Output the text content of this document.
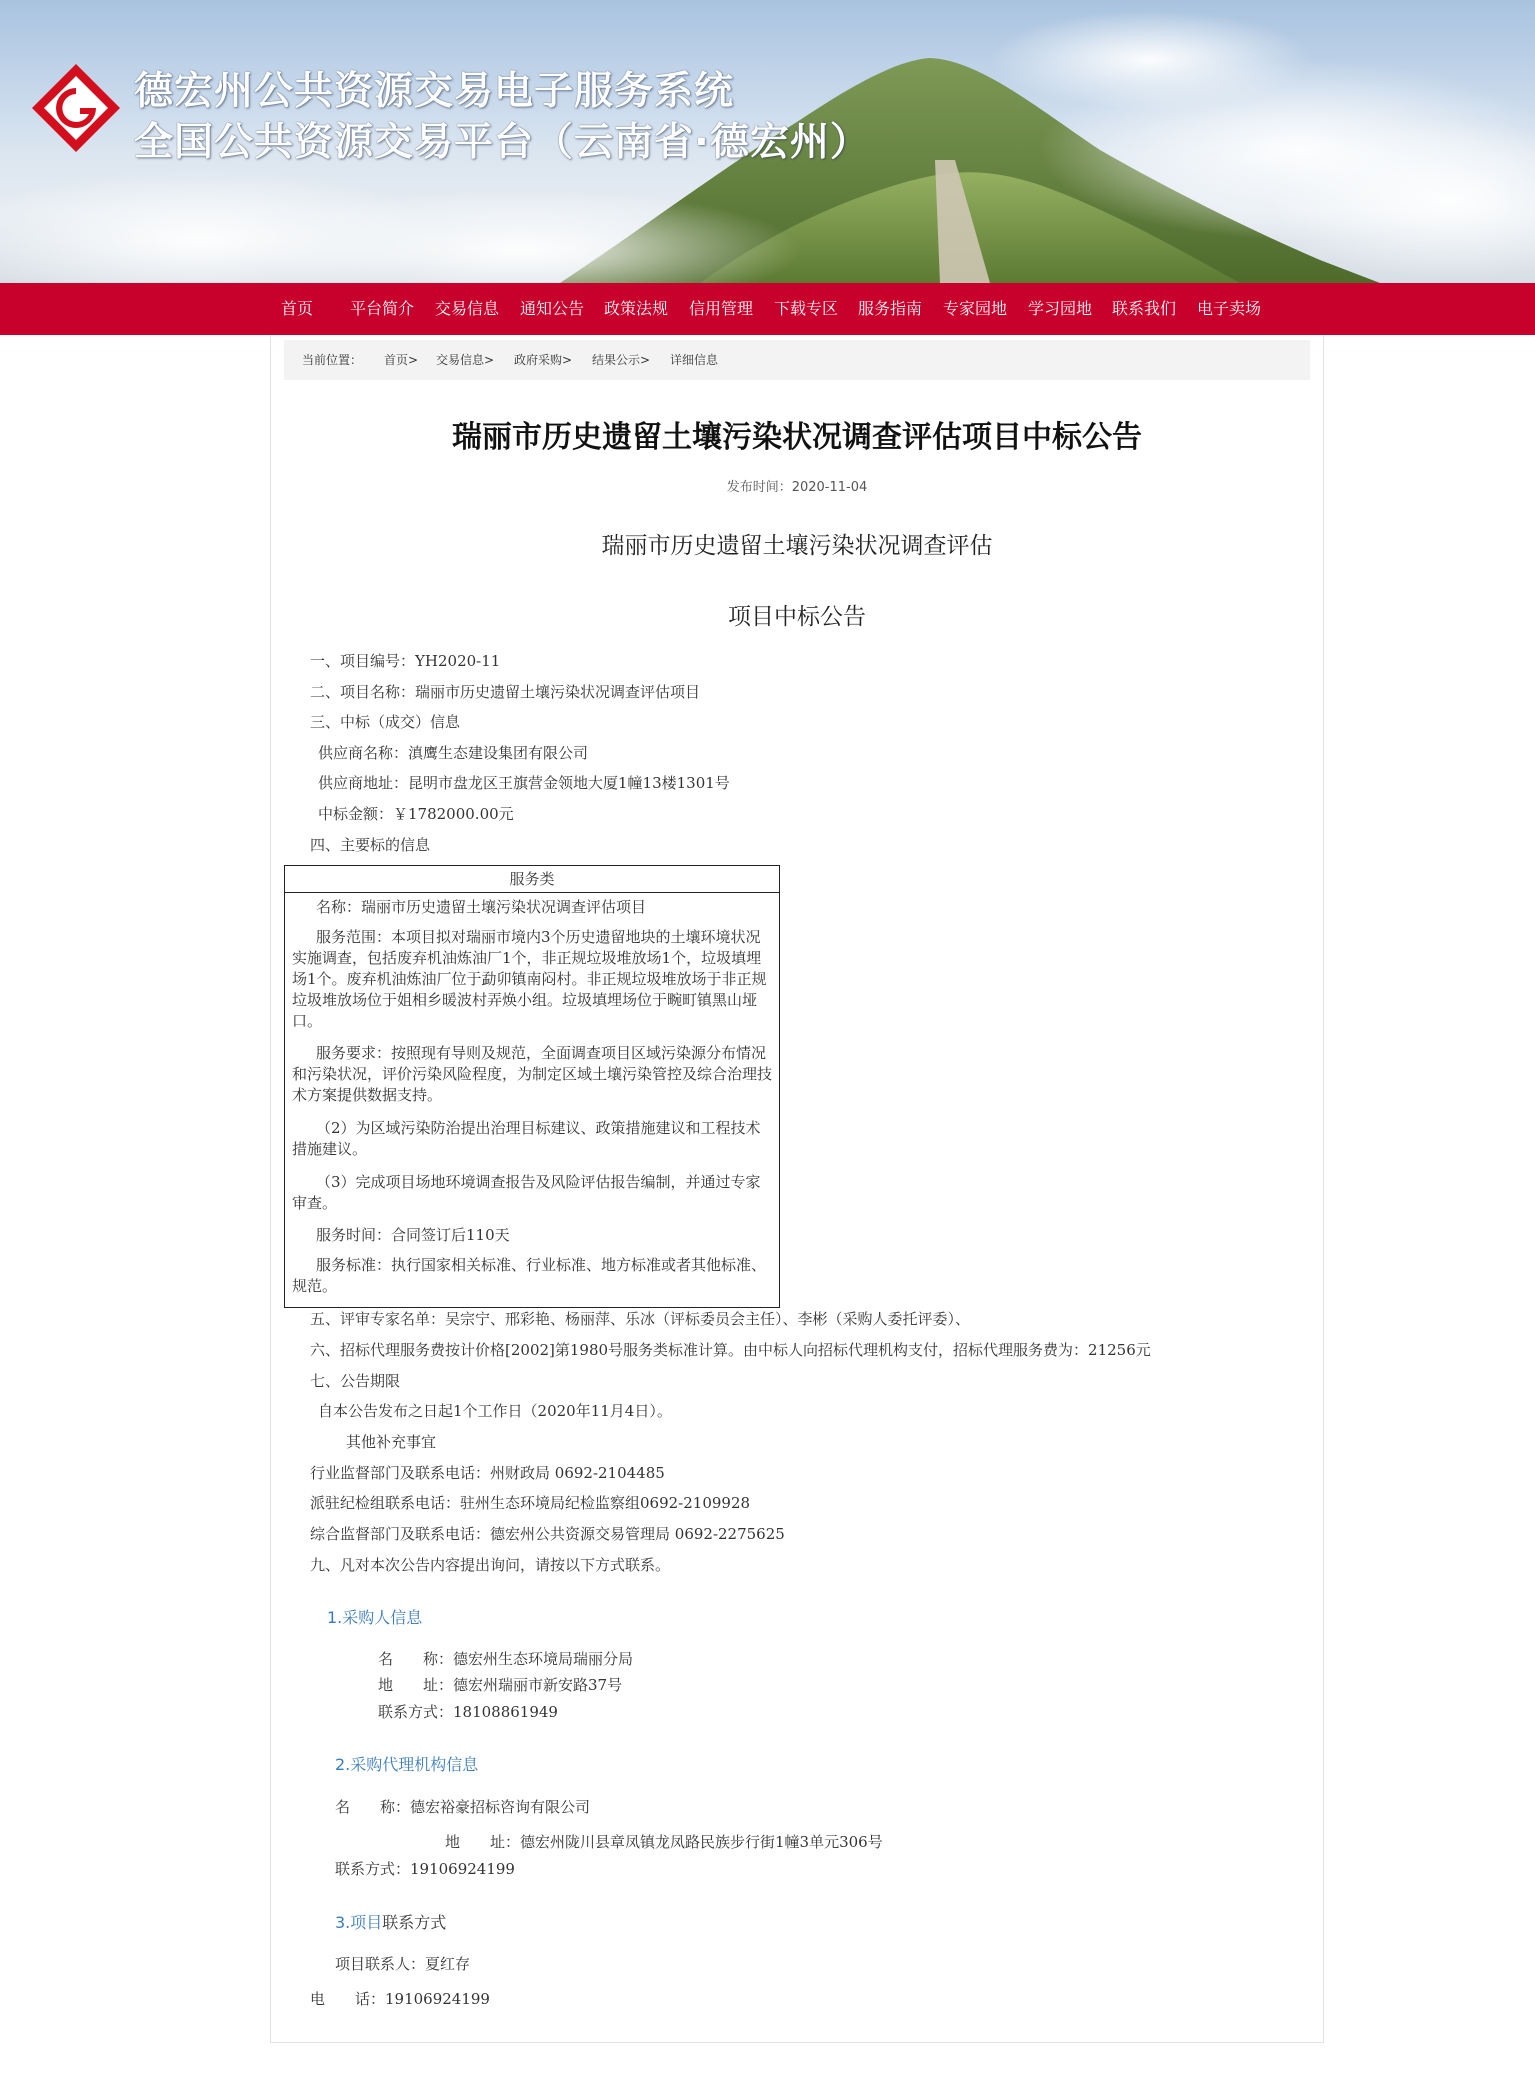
德宏州公共资源交易电子服务系统
全国公共资源交易平台（云南省·德宏州）
首页 平台简介 交易信息 通知公告 政策法规 信用管理 下载专区 服务指南 专家园地 学习园地 联系我们 电子卖场
当前位置： 首页> 交易信息> 政府采购> 结果公示> 详细信息
瑞丽市历史遗留土壤污染状况调查评估项目中标公告
发布时间：2020-11-04
瑞丽市历史遗留土壤污染状况调查评估
项目中标公告
一、项目编号：YH2020-11
二、项目名称：瑞丽市历史遗留土壤污染状况调查评估项目
三、中标（成交）信息
供应商名称：滇鹰生态建设集团有限公司
供应商地址：昆明市盘龙区王旗营金领地大厦1幢13楼1301号
中标金额：￥1782000.00元
四、主要标的信息
服务类
名称：瑞丽市历史遗留土壤污染状况调查评估项目
服务范围：本项目拟对瑞丽市境内3个历史遗留地块的土壤环境状况实施调查，包括废弃机油炼油厂1个，非正规垃圾堆放场1个，垃圾填埋场1个。废弃机油炼油厂位于勐卯镇南闷村。非正规垃圾堆放场于非正规垃圾堆放场位于姐相乡暖波村弄焕小组。垃圾填埋场位于畹町镇黑山垭口。
服务要求：按照现有导则及规范，全面调查项目区域污染源分布情况和污染状况，评价污染风险程度，为制定区域土壤污染管控及综合治理技术方案提供数据支持。
（2）为区域污染防治提出治理目标建议、政策措施建议和工程技术措施建议。
（3）完成项目场地环境调查报告及风险评估报告编制，并通过专家审查。
服务时间：合同签订后110天
服务标准：执行国家相关标准、行业标准、地方标准或者其他标准、规范。
五、评审专家名单：吴宗宁、邢彩艳、杨丽萍、乐冰（评标委员会主任）、李彬（采购人委托评委）、
六、招标代理服务费按计价格[2002]第1980号服务类标准计算。由中标人向招标代理机构支付，招标代理服务费为：21256元
七、公告期限
自本公告发布之日起1个工作日（2020年11月4日）。
其他补充事宜
行业监督部门及联系电话：州财政局 0692-2104485
派驻纪检组联系电话：驻州生态环境局纪检监察组0692-2109928
综合监督部门及联系电话：德宏州公共资源交易管理局 0692-2275625
九、凡对本次公告内容提出询问，请按以下方式联系。
1.采购人信息
名　　称：德宏州生态环境局瑞丽分局
地　　址：德宏州瑞丽市新安路37号
联系方式：18108861949
2.采购代理机构信息
名　　称：德宏裕豪招标咨询有限公司
地　　址：德宏州陇川县章凤镇龙凤路民族步行街1幢3单元306号
联系方式：19106924199
3.项目联系方式
项目联系人：夏红存
电　　话：19106924199
